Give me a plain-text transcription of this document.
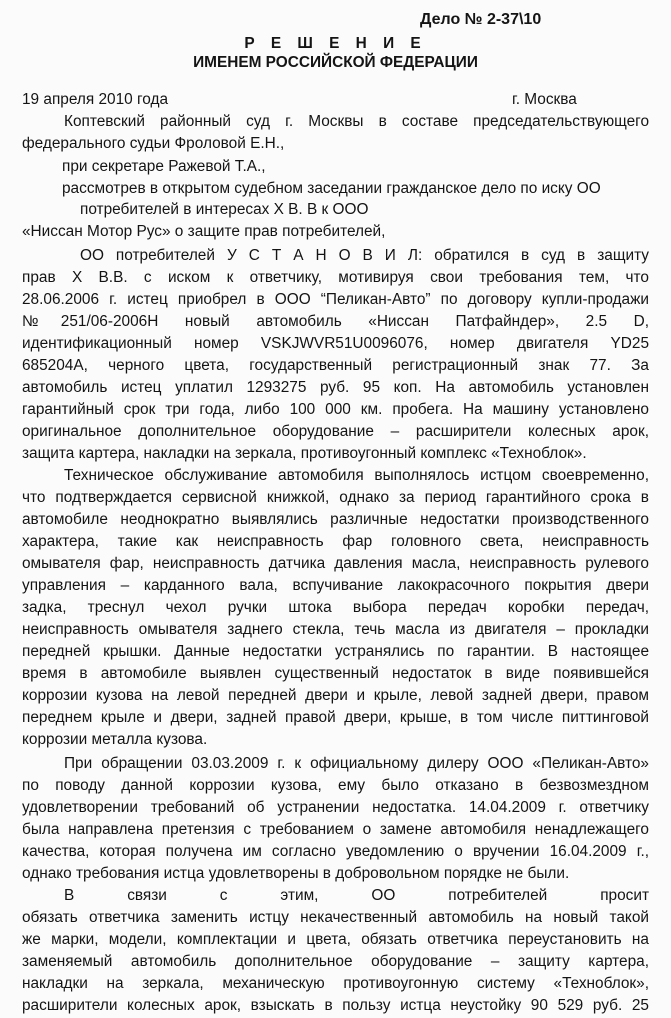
Дело № 2-37\10
Р Е Ш Е Н И Е
ИМЕНЕМ РОССИЙСКОЙ ФЕДЕРАЦИИ
19 апреля 2010 года	г. Москва
Коптевский районный суд г. Москвы в составе председательствующего
федерального судьи Фроловой Е.Н.,
при секретаре Ражевой Т.А.,
рассмотрев в открытом судебном заседании гражданское дело по иску ОО
потребителей в интересах Х В. В к ООО
«Ниссан Мотор Рус» о защите прав потребителей,
ОО потребителей У С Т А Н О В И Л: обратился в суд в защиту
прав Х В.В. с иском к ответчику, мотивируя свои требования тем, что
28.06.2006 г. истец приобрел в ООО “Пеликан-Авто” по договору купли-продажи
№251/06-2006Н новый автомобиль «Ниссан Патфайндер», 2.5 D,
идентификационный номер VSKJWVR51U0096076, номер двигателя YD25
685204А, черного цвета, государственный регистрационный знак 77. За
автомобиль истец уплатил 1293275 руб. 95 коп. На автомобиль установлен
гарантийный срок три года, либо 100 000 км. пробега. На машину установлено
оригинальное дополнительное оборудование – расширители колесных арок,
защита картера, накладки на зеркала, противоугонный комплекс «Техноблок».
Техническое обслуживание автомобиля выполнялось истцом своевременно,
что подтверждается сервисной книжкой, однако за период гарантийного срока в
автомобиле неоднократно выявлялись различные недостатки производственного
характера, такие как неисправность фар головного света, неисправность
омывателя фар, неисправность датчика давления масла, неисправность рулевого
управления – карданного вала, вспучивание лакокрасочного покрытия двери
задка, треснул чехол ручки штока выбора передач коробки передач,
неисправность омывателя заднего стекла, течь масла из двигателя – прокладки
передней крышки. Данные недостатки устранялись по гарантии. В настоящее
время в автомобиле выявлен существенный недостаток в виде появившейся
коррозии кузова на левой передней двери и крыле, левой задней двери, правом
переднем крыле и двери, задней правой двери, крыше, в том числе питтинговой
коррозии металла кузова.
При обращении 03.03.2009 г. к официальному дилеру ООО «Пеликан-Авто»
по поводу данной коррозии кузова, ему было отказано в безвозмездном
удовлетворении требований об устранении недостатка. 14.04.2009 г. ответчику
была направлена претензия с требованием о замене автомобиля ненадлежащего
качества, которая получена им согласно уведомлению о вручении 16.04.2009 г.,
однако требования истца удовлетворены в добровольном порядке не были.
В связи с этим, ОО потребителей просит
обязать ответчика заменить истцу некачественный автомобиль на новый такой
же марки, модели, комплектации и цвета, обязать ответчика переустановить на
заменяемый автомобиль дополнительное оборудование – защиту картера,
накладки на зеркала, механическую противоугонную систему «Техноблок»,
расширители колесных арок, взыскать в пользу истца неустойку 90 529 руб. 25
